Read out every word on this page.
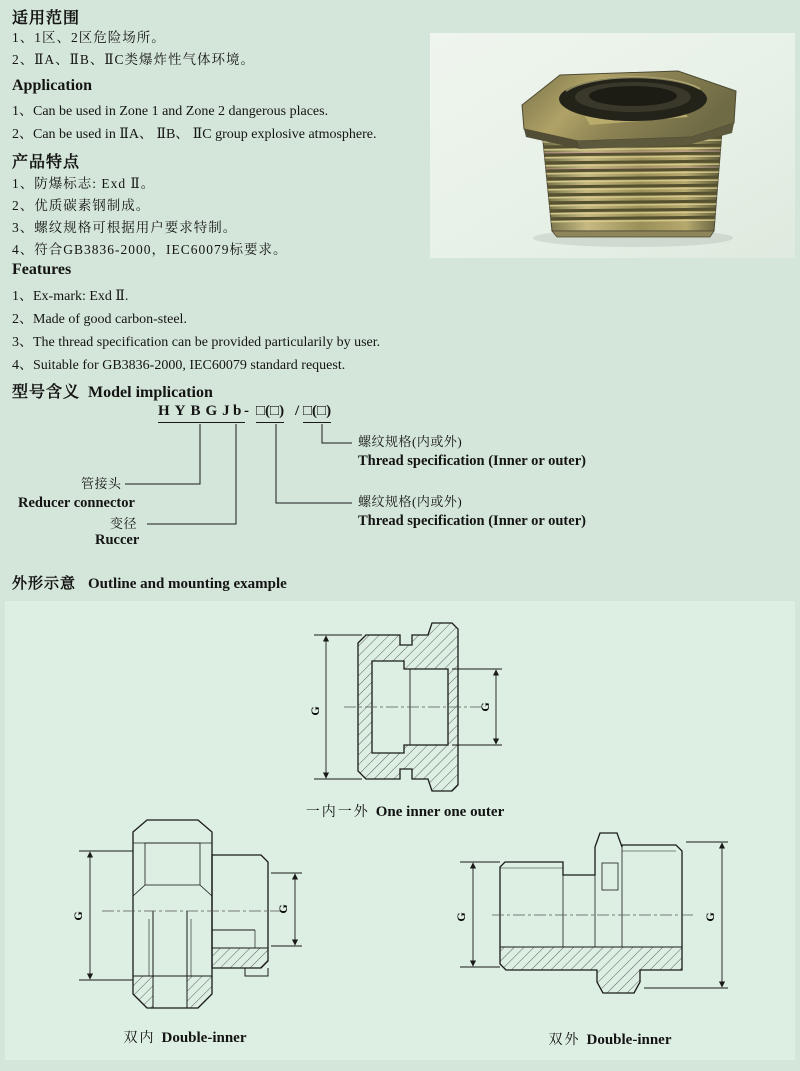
适用范围
1、1区、2区危险场所。
2、ⅡA、ⅡB、ⅡC类爆炸性气体环境。
Application
1、Can be used in Zone 1 and Zone 2 dangerous places.
2、Can be used in ⅡA、 ⅡB、 ⅡC group explosive atmosphere.
产品特点
1、防爆标志: Exd Ⅱ。
2、优质碳素钢制成。
3、螺纹规格可根据用户要求特制。
4、符合GB3836-2000，IEC60079标要求。
Features
1、Ex-mark: Exd Ⅱ.
2、Made of good carbon-steel.
3、The thread specification can be provided particularily by user.
4、Suitable for GB3836-2000, IEC60079 standard request.
型号含义 Model implication
HYBGJ
b - □(□) / □(□)
螺纹规格(内或外)
Thread specification (Inner or outer)
螺纹规格(内或外)
Thread specification (Inner or outer)
管接头
Reducer connector
变径
Ruccer
外形示意 Outline and mounting example
G	G
一内一外 One inner one outer
G
G
双内 Double-inner
G	G
双外 Double-inner
